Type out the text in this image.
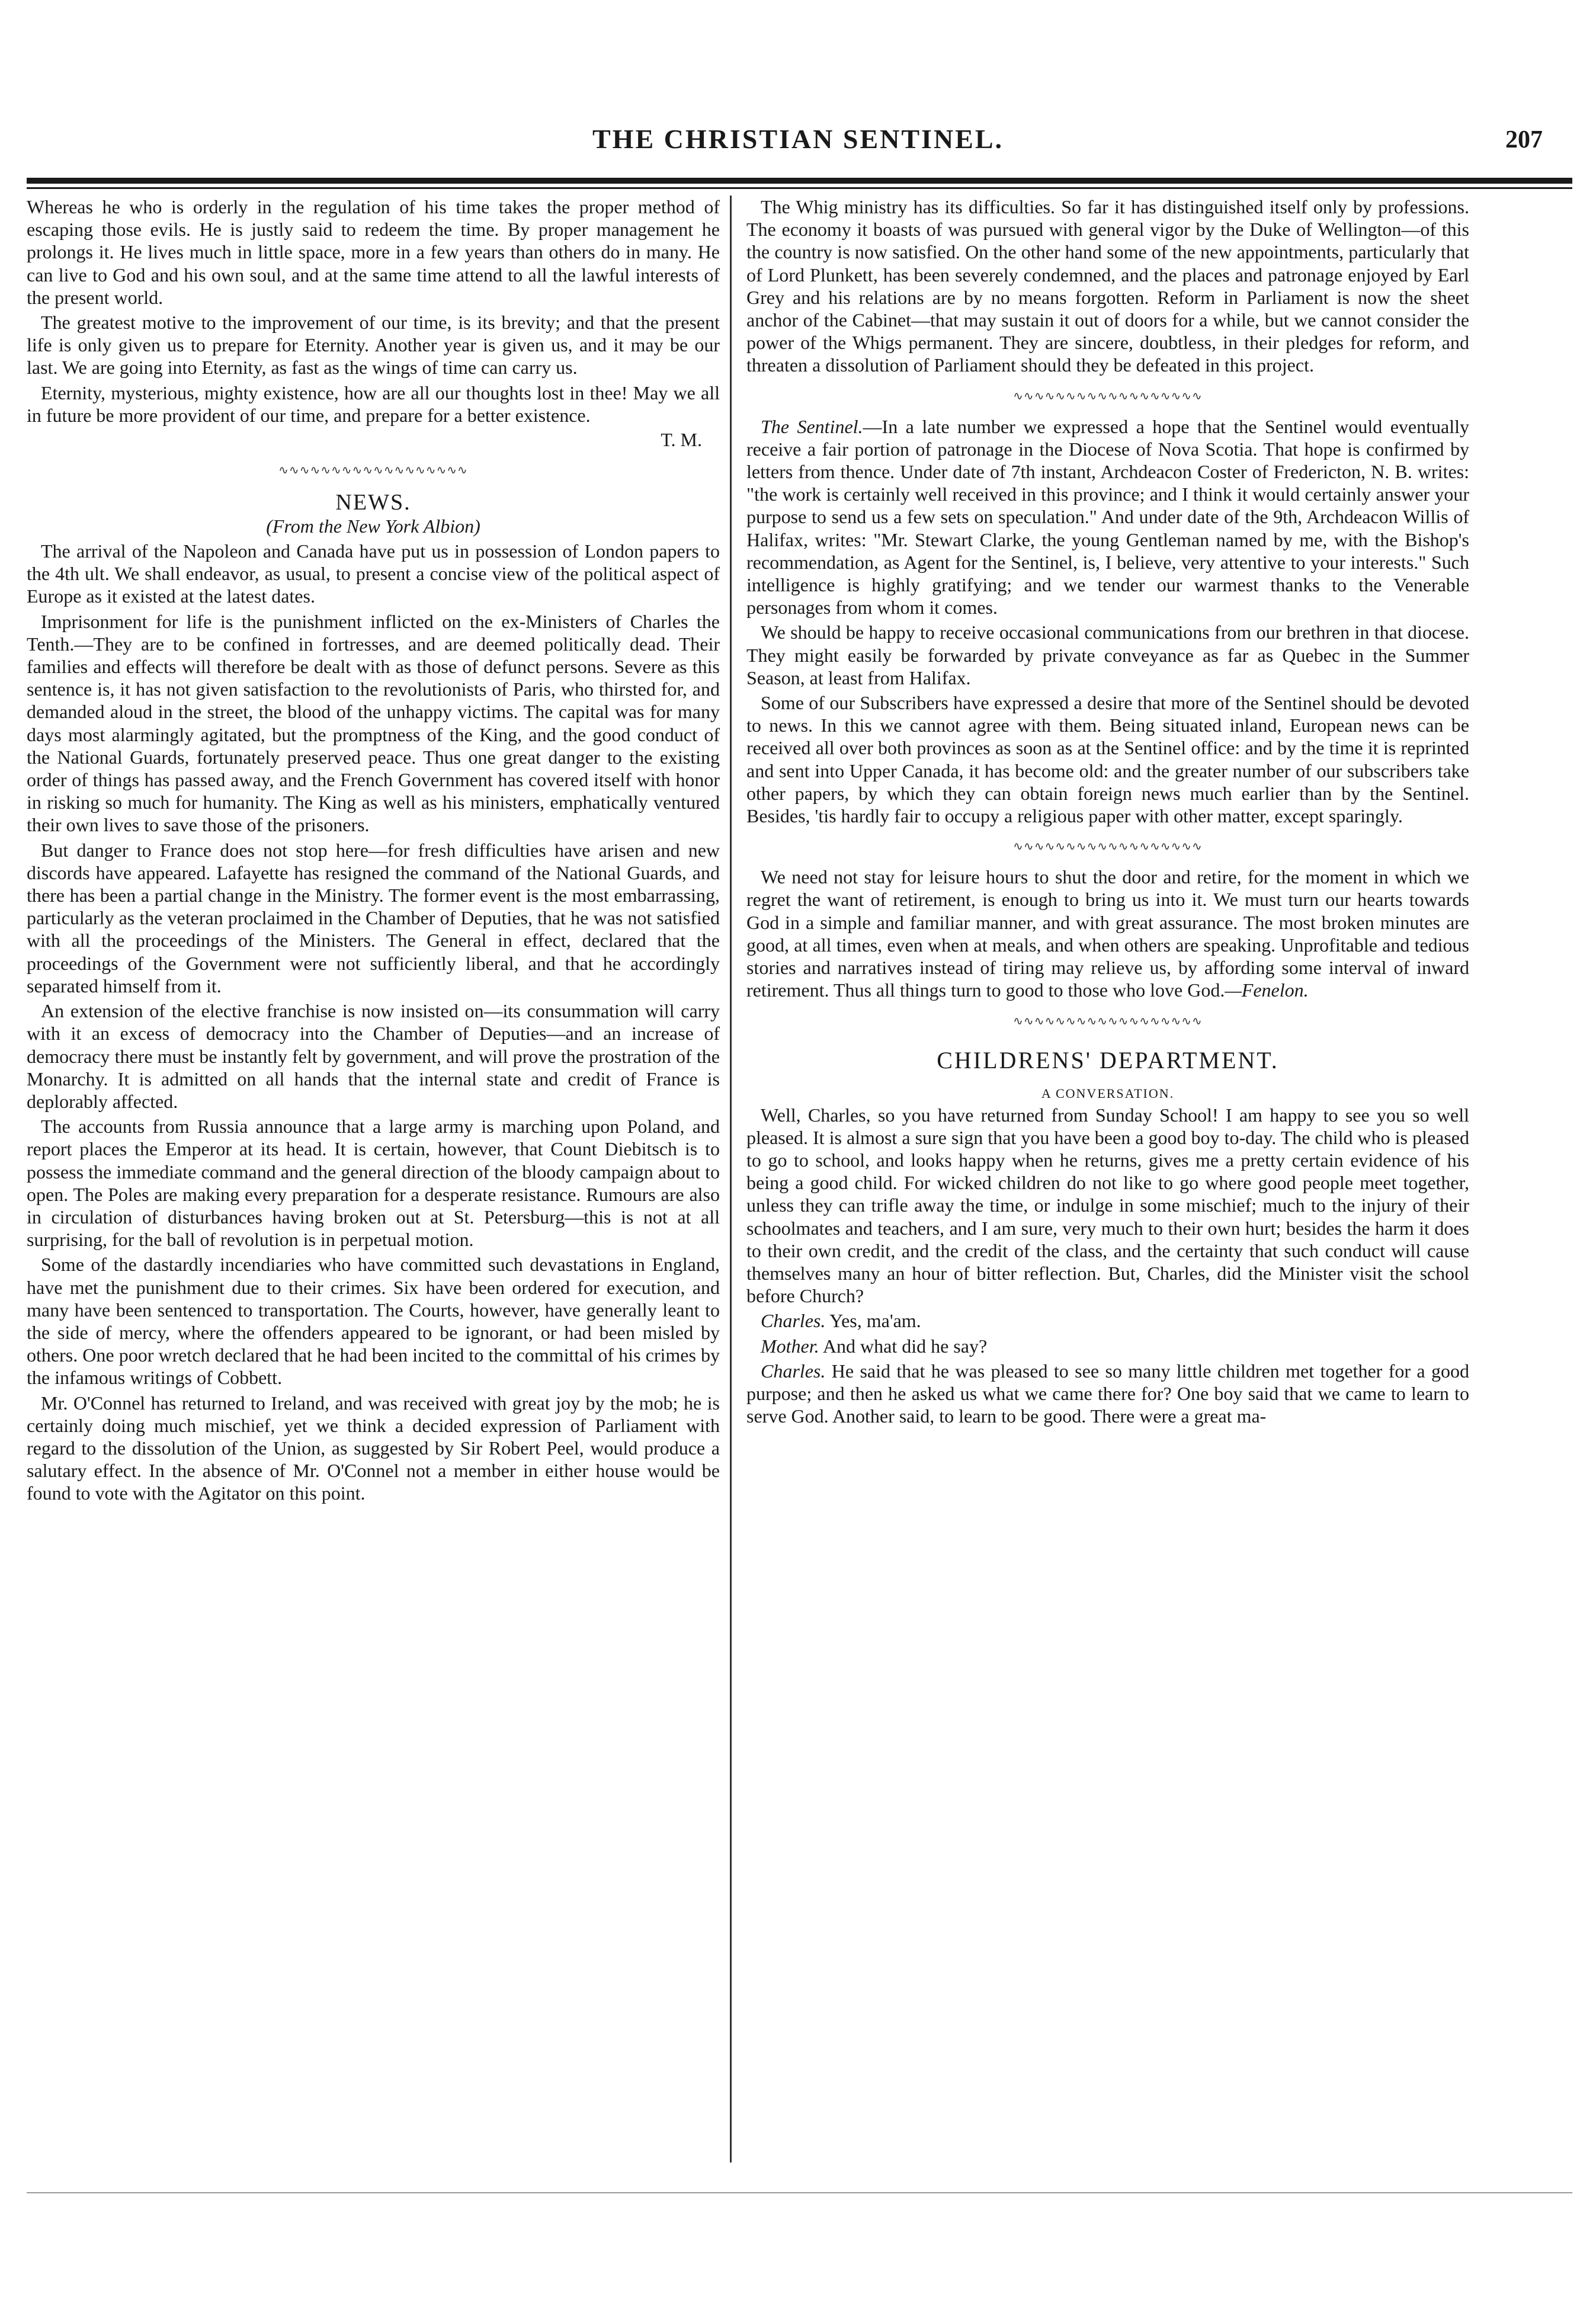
THE CHRISTIAN SENTINEL.	207

Whereas he who is orderly in the regulation of his time takes the proper method of escaping those evils. He is justly said to redeem the time. By proper management he prolongs it. He lives much in little space, more in a few years than others do in many. He can live to God and his own soul, and at the same time attend to all the lawful interests of the present world.

The greatest motive to the improvement of our time, is its brevity; and that the present life is only given us to prepare for Eternity. Another year is given us, and it may be our last. We are going into Eternity, as fast as the wings of time can carry us.

Eternity, mysterious, mighty existence, how are all our thoughts lost in thee! May we all in future be more provident of our time, and prepare for a better existence.

T. M.
∿∿∿∿∿∿∿∿∿∿∿∿∿∿∿∿∿∿
NEWS.
(From the New York Albion)

The arrival of the Napoleon and Canada have put us in possession of London papers to the 4th ult. We shall endeavor, as usual, to present a concise view of the political aspect of Europe as it existed at the latest dates.

Imprisonment for life is the punishment inflicted on the ex-Ministers of Charles the Tenth.—They are to be confined in fortresses, and are deemed politically dead. Their families and effects will therefore be dealt with as those of defunct persons. Severe as this sentence is, it has not given satisfaction to the revolutionists of Paris, who thirsted for, and demanded aloud in the street, the blood of the unhappy victims. The capital was for many days most alarmingly agitated, but the promptness of the King, and the good conduct of the National Guards, fortunately preserved peace. Thus one great danger to the existing order of things has passed away, and the French Government has covered itself with honor in risking so much for humanity. The King as well as his ministers, emphatically ventured their own lives to save those of the prisoners.

But danger to France does not stop here—for fresh difficulties have arisen and new discords have appeared. Lafayette has resigned the command of the National Guards, and there has been a partial change in the Ministry. The former event is the most embarrassing, particularly as the veteran proclaimed in the Chamber of Deputies, that he was not satisfied with all the proceedings of the Ministers. The General in effect, declared that the proceedings of the Government were not sufficiently liberal, and that he accordingly separated himself from it.

An extension of the elective franchise is now insisted on—its consummation will carry with it an excess of democracy into the Chamber of Deputies—and an increase of democracy there must be instantly felt by government, and will prove the prostration of the Monarchy. It is admitted on all hands that the internal state and credit of France is deplorably affected.

The accounts from Russia announce that a large army is marching upon Poland, and report places the Emperor at its head. It is certain, however, that Count Diebitsch is to possess the immediate command and the general direction of the bloody campaign about to open. The Poles are making every preparation for a desperate resistance. Rumours are also in circulation of disturbances having broken out at St. Petersburg—this is not at all surprising, for the ball of revolution is in perpetual motion.

Some of the dastardly incendiaries who have committed such devastations in England, have met the punishment due to their crimes. Six have been ordered for execution, and many have been sentenced to transportation. The Courts, however, have generally leant to the side of mercy, where the offenders appeared to be ignorant, or had been misled by others. One poor wretch declared that he had been incited to the committal of his crimes by the infamous writings of Cobbett.

Mr. O'Connel has returned to Ireland, and was received with great joy by the mob; he is certainly doing much mischief, yet we think a decided expression of Parliament with regard to the dissolution of the Union, as suggested by Sir Robert Peel, would produce a salutary effect. In the absence of Mr. O'Connel not a member in either house would be found to vote with the Agitator on this point.

The Whig ministry has its difficulties. So far it has distinguished itself only by professions. The economy it boasts of was pursued with general vigor by the Duke of Wellington—of this the country is now satisfied. On the other hand some of the new appointments, particularly that of Lord Plunkett, has been severely condemned, and the places and patronage enjoyed by Earl Grey and his relations are by no means forgotten. Reform in Parliament is now the sheet anchor of the Cabinet—that may sustain it out of doors for a while, but we cannot consider the power of the Whigs permanent. They are sincere, doubtless, in their pledges for reform, and threaten a dissolution of Parliament should they be defeated in this project.

∿∿∿∿∿∿∿∿∿∿∿∿∿∿∿∿∿∿

The Sentinel.—In a late number we expressed a hope that the Sentinel would eventually receive a fair portion of patronage in the Diocese of Nova Scotia. That hope is confirmed by letters from thence. Under date of 7th instant, Archdeacon Coster of Fredericton, N. B. writes: "the work is certainly well received in this province; and I think it would certainly answer your purpose to send us a few sets on speculation." And under date of the 9th, Archdeacon Willis of Halifax, writes: "Mr. Stewart Clarke, the young Gentleman named by me, with the Bishop's recommendation, as Agent for the Sentinel, is, I believe, very attentive to your interests." Such intelligence is highly gratifying; and we tender our warmest thanks to the Venerable personages from whom it comes.

We should be happy to receive occasional communications from our brethren in that diocese. They might easily be forwarded by private conveyance as far as Quebec in the Summer Season, at least from Halifax.

Some of our Subscribers have expressed a desire that more of the Sentinel should be devoted to news. In this we cannot agree with them. Being situated inland, European news can be received all over both provinces as soon as at the Sentinel office: and by the time it is reprinted and sent into Upper Canada, it has become old: and the greater number of our subscribers take other papers, by which they can obtain foreign news much earlier than by the Sentinel. Besides, 'tis hardly fair to occupy a religious paper with other matter, except sparingly.

∿∿∿∿∿∿∿∿∿∿∿∿∿∿∿∿∿∿

We need not stay for leisure hours to shut the door and retire, for the moment in which we regret the want of retirement, is enough to bring us into it. We must turn our hearts towards God in a simple and familiar manner, and with great assurance. The most broken minutes are good, at all times, even when at meals, and when others are speaking. Unprofitable and tedious stories and narratives instead of tiring may relieve us, by affording some interval of inward retirement. Thus all things turn to good to those who love God.—Fenelon.

∿∿∿∿∿∿∿∿∿∿∿∿∿∿∿∿∿∿
CHILDRENS' DEPARTMENT.
A CONVERSATION.

Well, Charles, so you have returned from Sunday School! I am happy to see you so well pleased. It is almost a sure sign that you have been a good boy to-day. The child who is pleased to go to school, and looks happy when he returns, gives me a pretty certain evidence of his being a good child. For wicked children do not like to go where good people meet together, unless they can trifle away the time, or indulge in some mischief; much to the injury of their schoolmates and teachers, and I am sure, very much to their own hurt; besides the harm it does to their own credit, and the credit of the class, and the certainty that such conduct will cause themselves many an hour of bitter reflection. But, Charles, did the Minister visit the school before Church?

Charles. Yes, ma'am.

Mother. And what did he say?

Charles. He said that he was pleased to see so many little children met together for a good purpose; and then he asked us what we came there for? One boy said that we came to learn to serve God. Another said, to learn to be good. There were a great ma-
